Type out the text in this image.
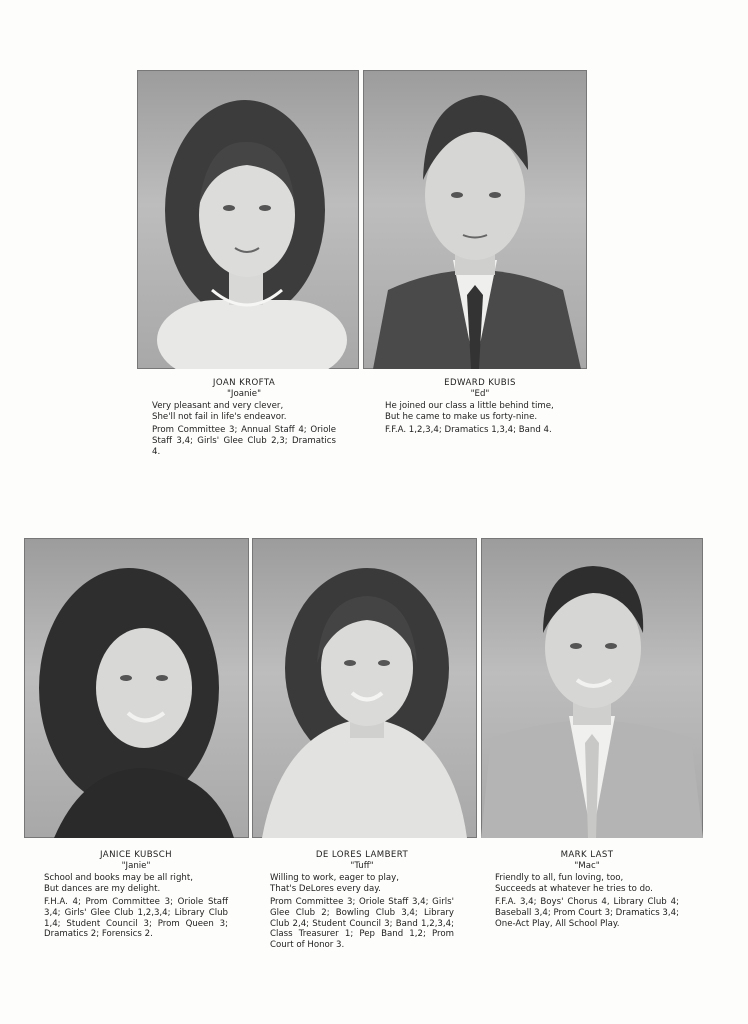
JOAN KROFTA
"Joanie"
Very pleasant and very clever,
She'll not fail in life's endeavor.
Prom Committee 3; Annual Staff 4; Oriole Staff 3,4; Girls' Glee Club 2,3; Dramatics 4.
EDWARD KUBIS
"Ed"
He joined our class a little behind time,
But he came to make us forty-nine.
F.F.A. 1,2,3,4; Dramatics 1,3,4; Band 4.
JANICE KUBSCH
"Janie"
School and books may be all right,
But dances are my delight.
F.H.A. 4; Prom Committee 3; Oriole Staff 3,4; Girls' Glee Club 1,2,3,4; Library Club 1,4; Student Council 3; Prom Queen 3; Dramatics 2; Forensics 2.
DE LORES LAMBERT
"Tuff"
Willing to work, eager to play,
That's DeLores every day.
Prom Committee 3; Oriole Staff 3,4; Girls' Glee Club 2; Bowling Club 3,4; Library Club 2,4; Student Council 3; Band 1,2,3,4; Class Treasurer 1; Pep Band 1,2; Prom Court of Honor 3.
MARK LAST
"Mac"
Friendly to all, fun loving, too,
Succeeds at whatever he tries to do.
F.F.A. 3,4; Boys' Chorus 4, Library Club 4; Baseball 3,4; Prom Court 3; Dramatics 3,4; One-Act Play, All School Play.
